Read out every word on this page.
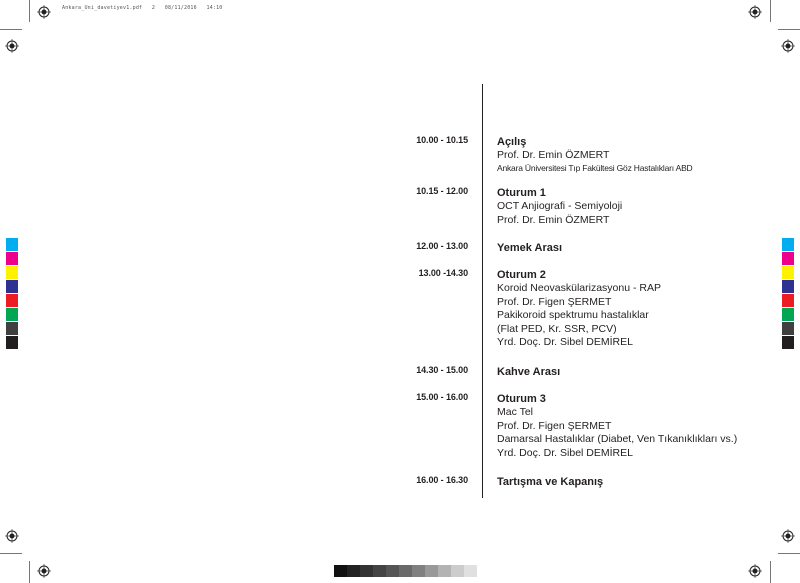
Ankara_Uni_davetiyev1.pdf   2   08/11/2016   14:10
10.00 - 10.15	Açılış
Prof. Dr. Emin ÖZMERT
Ankara Üniversitesi Tıp Fakültesi Göz Hastalıkları ABD
10.15 - 12.00	Oturum 1
OCT Anjiografi - Semiyoloji
Prof. Dr. Emin ÖZMERT
12.00 - 13.00	Yemek Arası
13.00 -14.30	Oturum 2
Koroid Neovaskülarizasyonu - RAP
Prof. Dr. Figen ŞERMET
Pakikoroid spektrumu hastalıklar
(Flat PED, Kr. SSR, PCV)
Yrd. Doç. Dr. Sibel DEMİREL
14.30 - 15.00	Kahve Arası
15.00 - 16.00	Oturum 3
Mac Tel
Prof. Dr. Figen ŞERMET
Damarsal Hastalıklar (Diabet, Ven Tıkanıklıkları vs.)
Yrd. Doç. Dr. Sibel DEMİREL
16.00 - 16.30	Tartışma ve Kapanış
